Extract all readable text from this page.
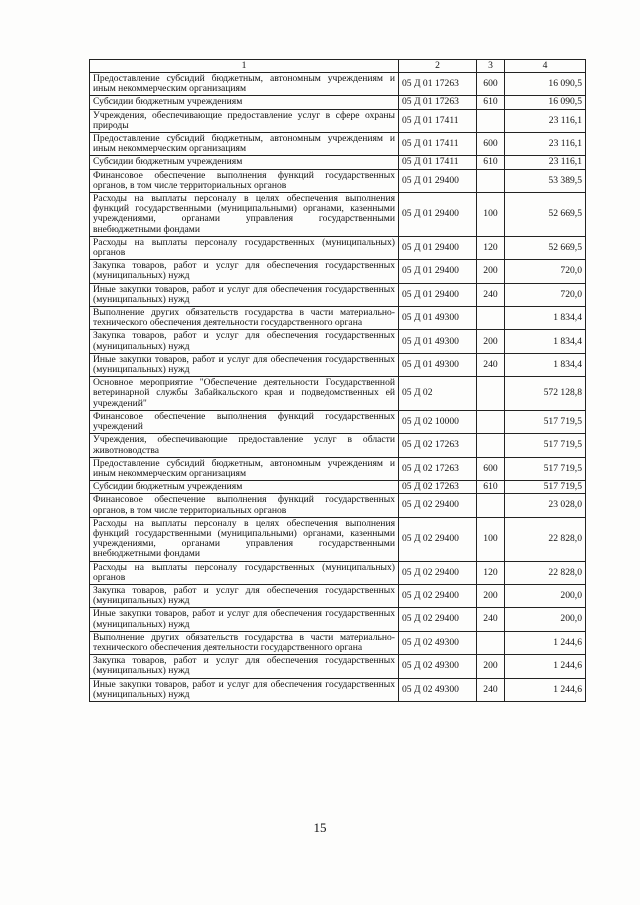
1	2	3	4
Предоставление субсидий бюджетным, автономным учреждениям и иным некоммерческим организациям	05 Д 01 17263	600	16 090,5
Субсидии бюджетным учреждениям	05 Д 01 17263	610	16 090,5
Учреждения, обеспечивающие предоставление услуг в сфере охраны природы	05 Д 01 17411		23 116,1
Предоставление субсидий бюджетным, автономным учреждениям и иным некоммерческим организациям	05 Д 01 17411	600	23 116,1
Субсидии бюджетным учреждениям	05 Д 01 17411	610	23 116,1
Финансовое обеспечение выполнения функций государственных органов, в том числе территориальных органов	05 Д 01 29400		53 389,5
Расходы на выплаты персоналу в целях обеспечения выполнения функций государственными (муниципальными) органами, казенными учреждениями, органами управления государственными внебюджетными фондами	05 Д 01 29400	100	52 669,5
Расходы на выплаты персоналу государственных (муниципальных) органов	05 Д 01 29400	120	52 669,5
Закупка товаров, работ и услуг для обеспечения государственных (муниципальных) нужд	05 Д 01 29400	200	720,0
Иные закупки товаров, работ и услуг для обеспечения государственных (муниципальных) нужд	05 Д 01 29400	240	720,0
Выполнение других обязательств государства в части материально-технического обеспечения деятельности государственного органа	05 Д 01 49300		1 834,4
Закупка товаров, работ и услуг для обеспечения государственных (муниципальных) нужд	05 Д 01 49300	200	1 834,4
Иные закупки товаров, работ и услуг для обеспечения государственных (муниципальных) нужд	05 Д 01 49300	240	1 834,4
Основное мероприятие "Обеспечение деятельности Государственной ветеринарной службы Забайкальского края и подведомственных ей учреждений"	05 Д 02		572 128,8
Финансовое обеспечение выполнения функций государственных учреждений	05 Д 02 10000		517 719,5
Учреждения, обеспечивающие предоставление услуг в области животноводства	05 Д 02 17263		517 719,5
Предоставление субсидий бюджетным, автономным учреждениям и иным некоммерческим организациям	05 Д 02 17263	600	517 719,5
Субсидии бюджетным учреждениям	05 Д 02 17263	610	517 719,5
Финансовое обеспечение выполнения функций государственных органов, в том числе территориальных органов	05 Д 02 29400		23 028,0
Расходы на выплаты персоналу в целях обеспечения выполнения функций государственными (муниципальными) органами, казенными учреждениями, органами управления государственными внебюджетными фондами	05 Д 02 29400	100	22 828,0
Расходы на выплаты персоналу государственных (муниципальных) органов	05 Д 02 29400	120	22 828,0
Закупка товаров, работ и услуг для обеспечения государственных (муниципальных) нужд	05 Д 02 29400	200	200,0
Иные закупки товаров, работ и услуг для обеспечения государственных (муниципальных) нужд	05 Д 02 29400	240	200,0
Выполнение других обязательств государства в части материально-технического обеспечения деятельности государственного органа	05 Д 02 49300		1 244,6
Закупка товаров, работ и услуг для обеспечения государственных (муниципальных) нужд	05 Д 02 49300	200	1 244,6
Иные закупки товаров, работ и услуг для обеспечения государственных (муниципальных) нужд	05 Д 02 49300	240	1 244,6
15
